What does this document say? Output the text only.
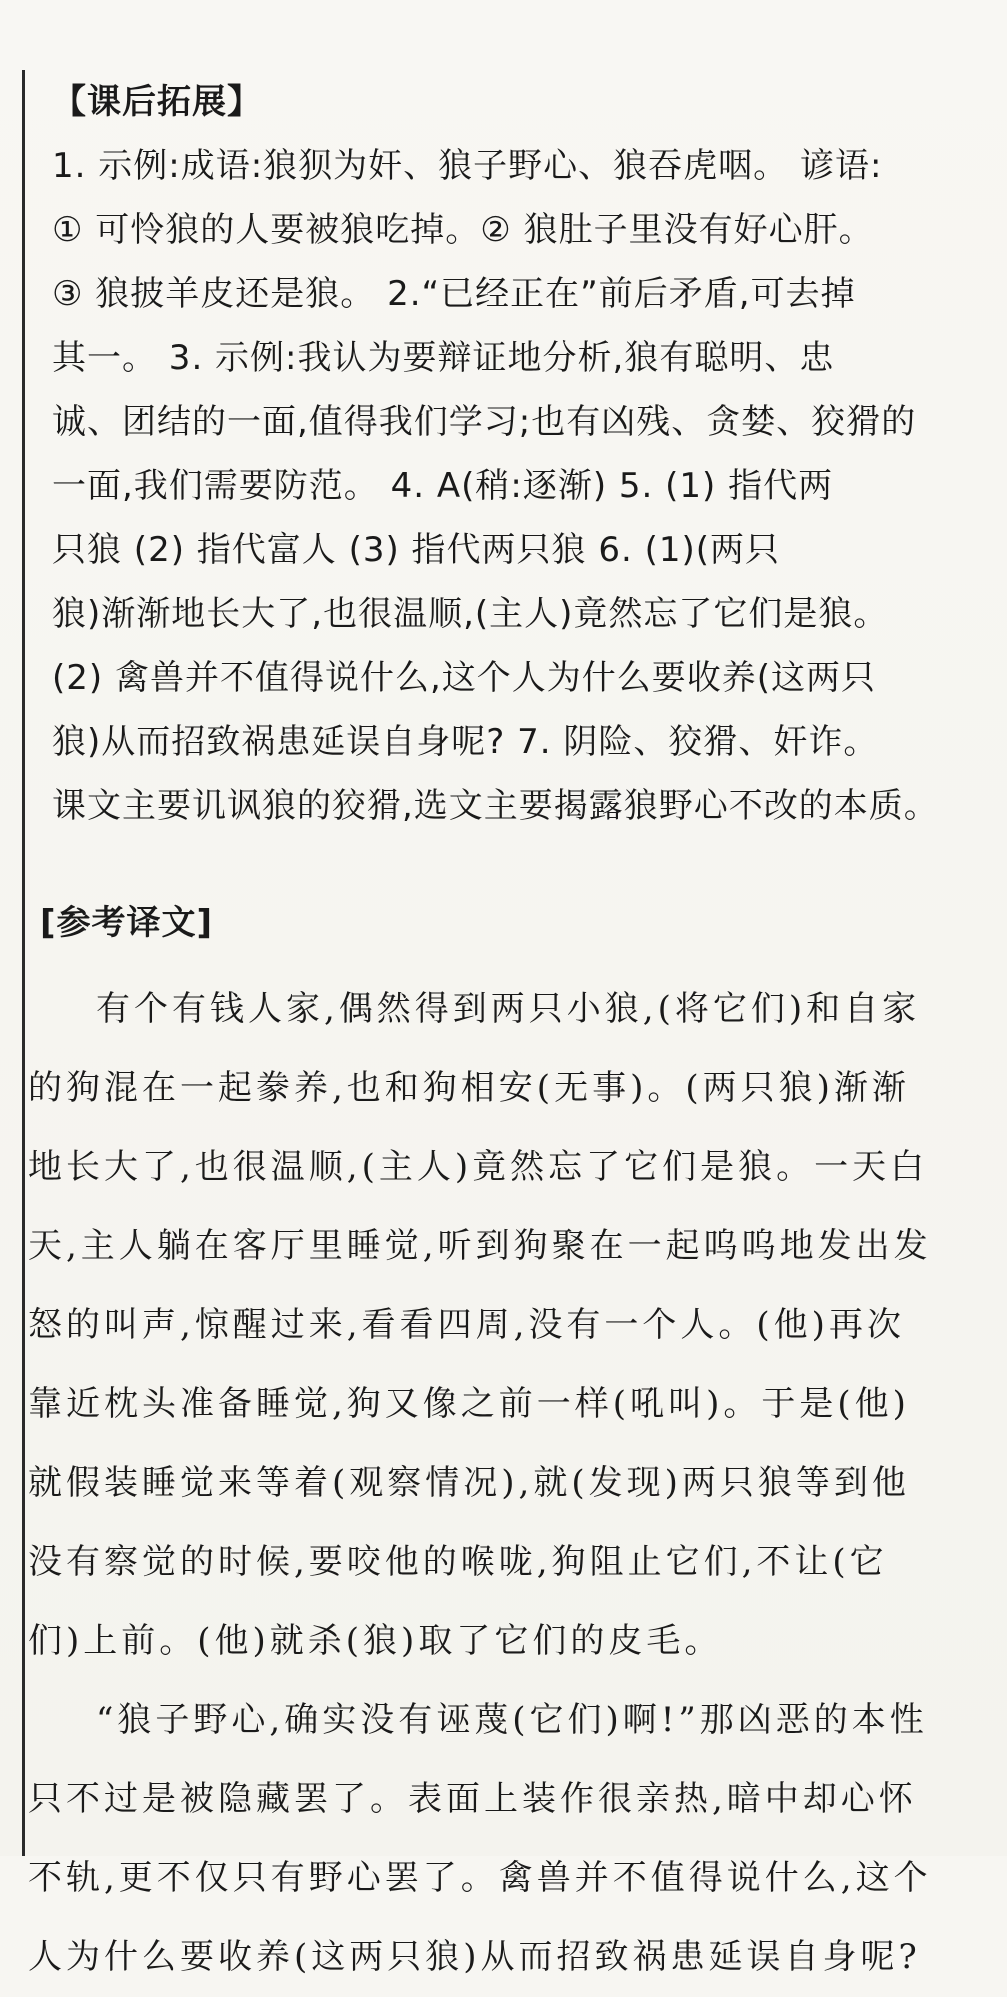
【课后拓展】
1. 示例:成语:狼狈为奸、狼子野心、狼吞虎咽。 谚语:
① 可怜狼的人要被狼吃掉。② 狼肚子里没有好心肝。
③ 狼披羊皮还是狼。 2.“已经正在”前后矛盾,可去掉
其一。 3. 示例:我认为要辩证地分析,狼有聪明、忠
诚、团结的一面,值得我们学习;也有凶残、贪婪、狡猾的
一面,我们需要防范。 4. A(稍:逐渐) 5. (1) 指代两
只狼 (2) 指代富人 (3) 指代两只狼 6. (1)(两只
狼)渐渐地长大了,也很温顺,(主人)竟然忘了它们是狼。
(2) 禽兽并不值得说什么,这个人为什么要收养(这两只
狼)从而招致祸患延误自身呢? 7. 阴险、狡猾、奸诈。
课文主要讥讽狼的狡猾,选文主要揭露狼野心不改的本质。
[参考译文]
有个有钱人家,偶然得到两只小狼,(将它们)和自家
的狗混在一起豢养,也和狗相安(无事)。(两只狼)渐渐
地长大了,也很温顺,(主人)竟然忘了它们是狼。一天白
天,主人躺在客厅里睡觉,听到狗聚在一起呜呜地发出发
怒的叫声,惊醒过来,看看四周,没有一个人。(他)再次
靠近枕头准备睡觉,狗又像之前一样(吼叫)。于是(他)
就假装睡觉来等着(观察情况),就(发现)两只狼等到他
没有察觉的时候,要咬他的喉咙,狗阻止它们,不让(它
们)上前。(他)就杀(狼)取了它们的皮毛。
“狼子野心,确实没有诬蔑(它们)啊!”那凶恶的本性
只不过是被隐藏罢了。表面上装作很亲热,暗中却心怀
不轨,更不仅只有野心罢了。禽兽并不值得说什么,这个
人为什么要收养(这两只狼)从而招致祸患延误自身呢?
